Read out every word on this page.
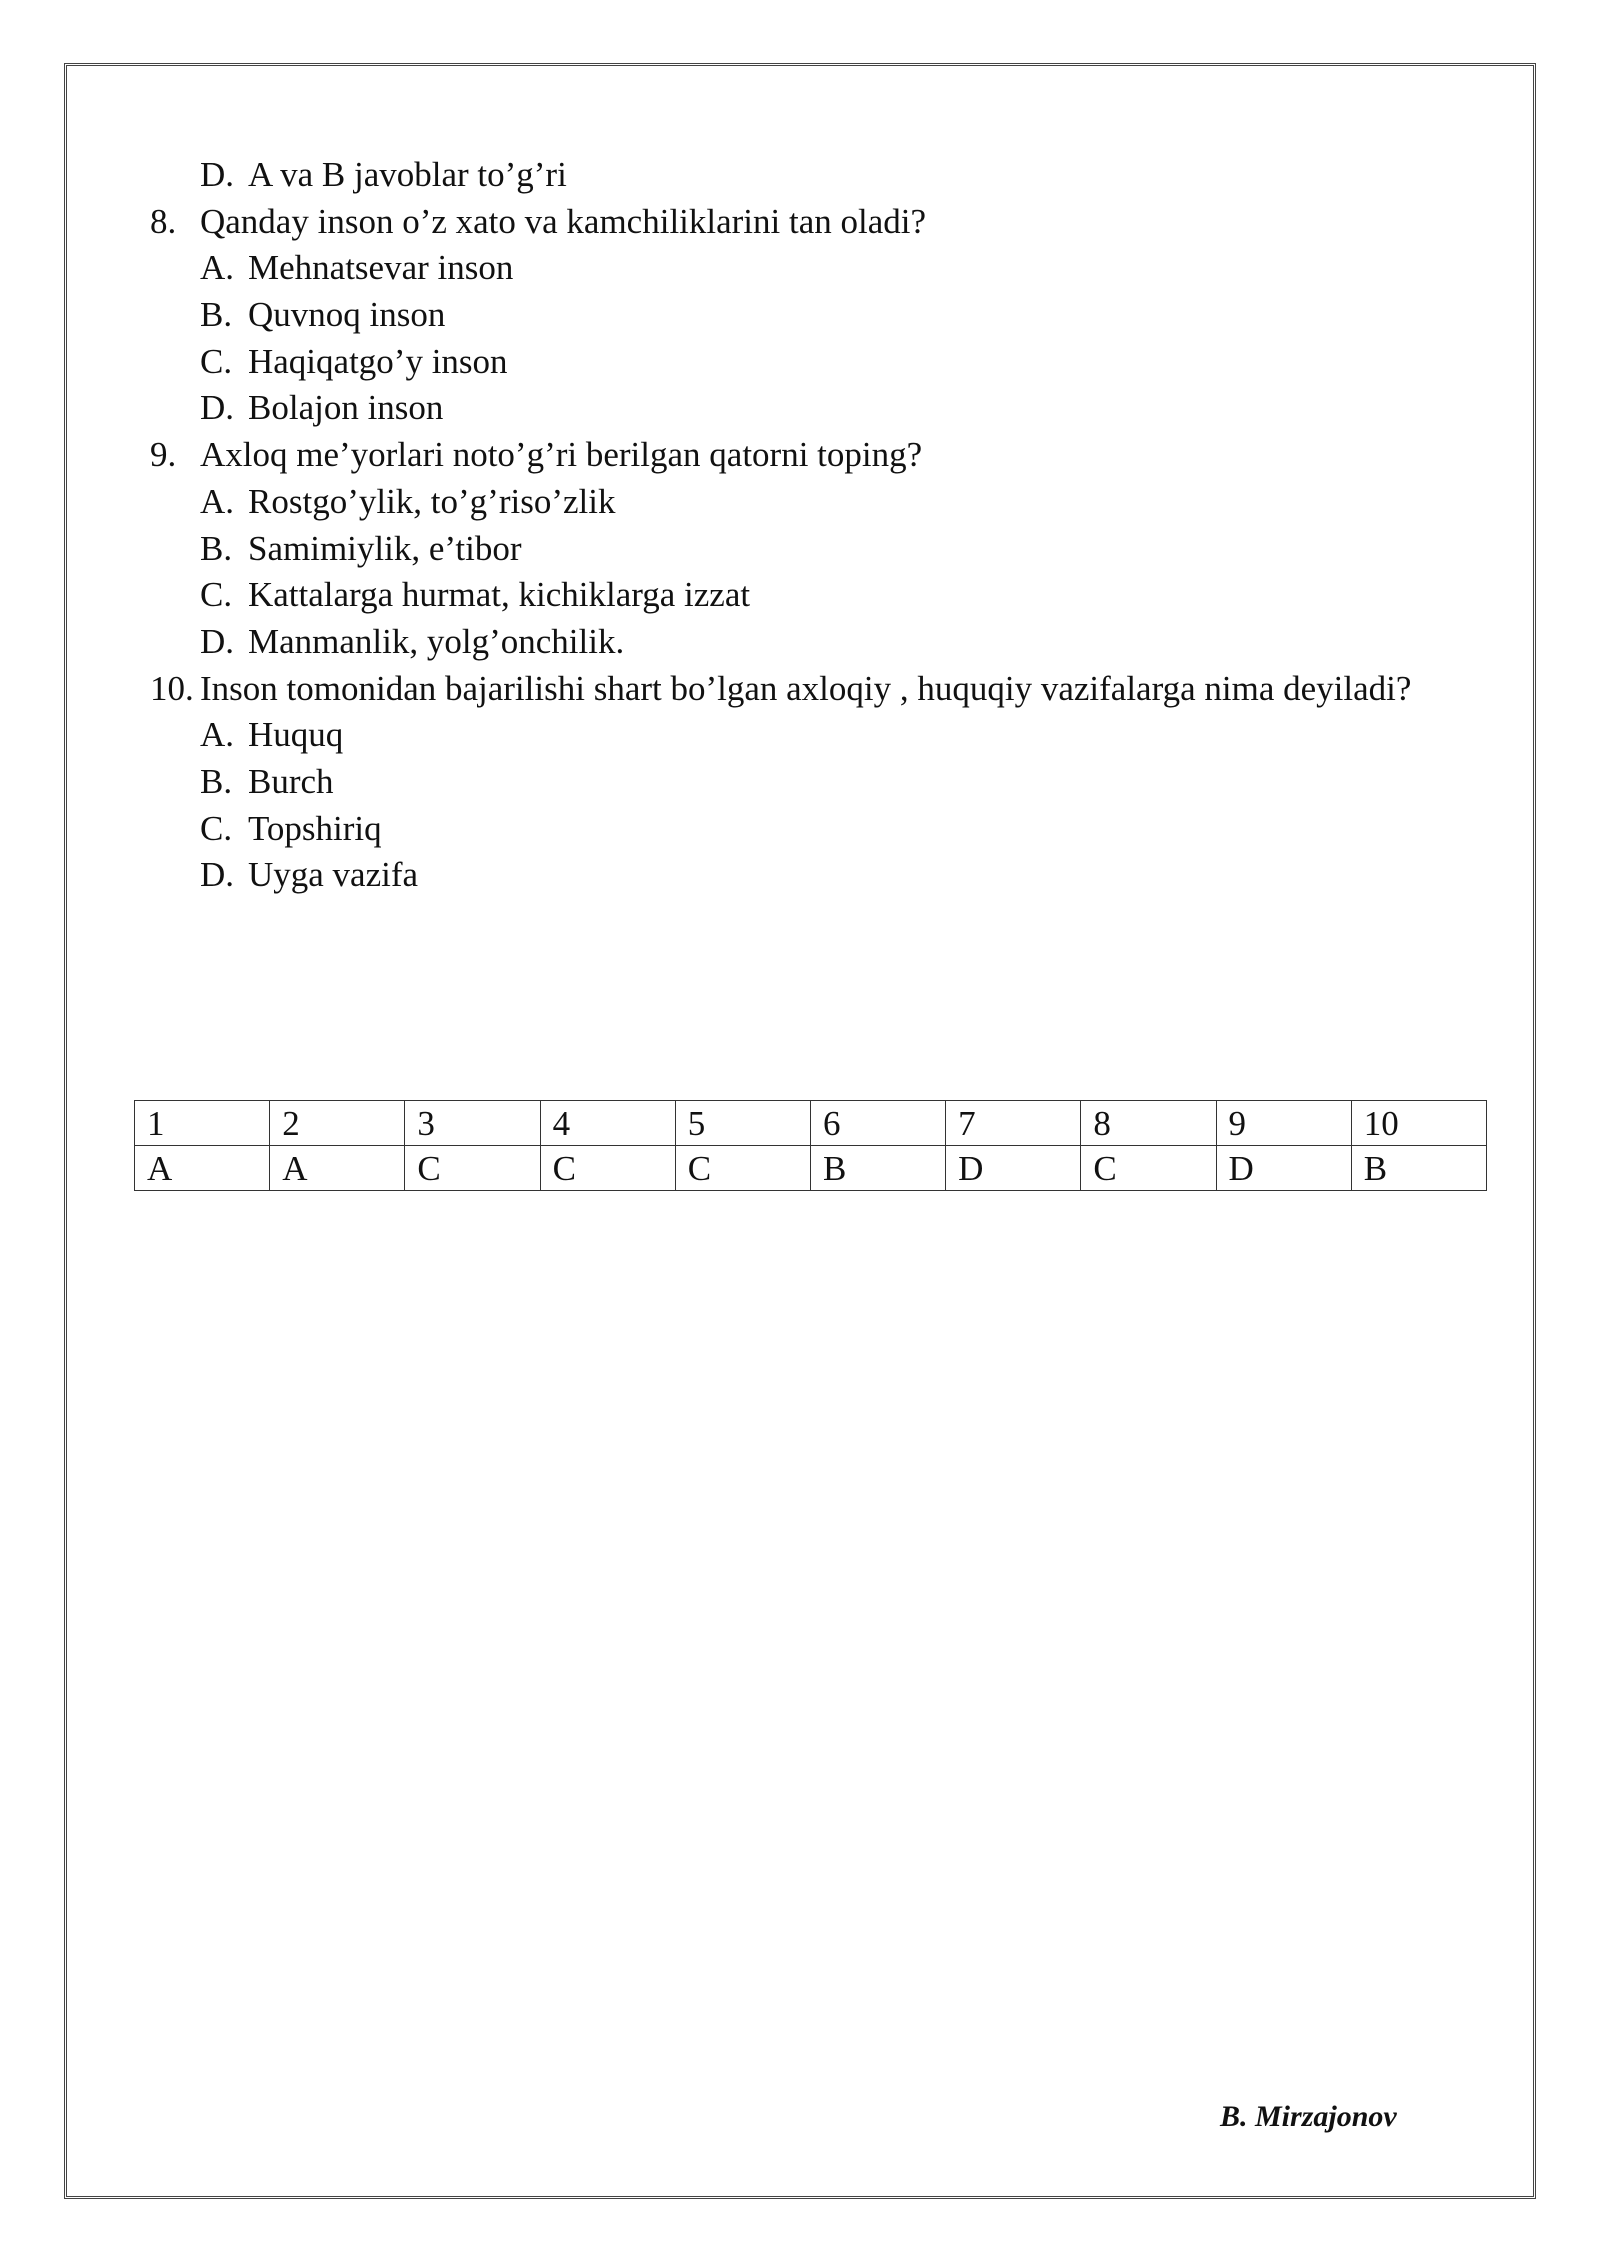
D. A va B javoblar to’g’ri
8. Qanday inson o’z xato va kamchiliklarini tan oladi?
A. Mehnatsevar inson
B. Quvnoq inson
C. Haqiqatgo’y inson
D. Bolajon inson
9. Axloq me’yorlari noto’g’ri berilgan qatorni toping?
A. Rostgo’ylik, to’g’riso’zlik
B. Samimiylik, e’tibor
C. Kattalarga hurmat, kichiklarga izzat
D. Manmanlik, yolg’onchilik.
10. Inson tomonidan bajarilishi shart bo’lgan axloqiy , huquqiy vazifalarga nima deyiladi?
A. Huquq
B. Burch
C. Topshiriq
D. Uyga vazifa
1	2	3	4	5	6	7	8	9	10
A	A	C	C	C	B	D	C	D	B
B. Mirzajonov
